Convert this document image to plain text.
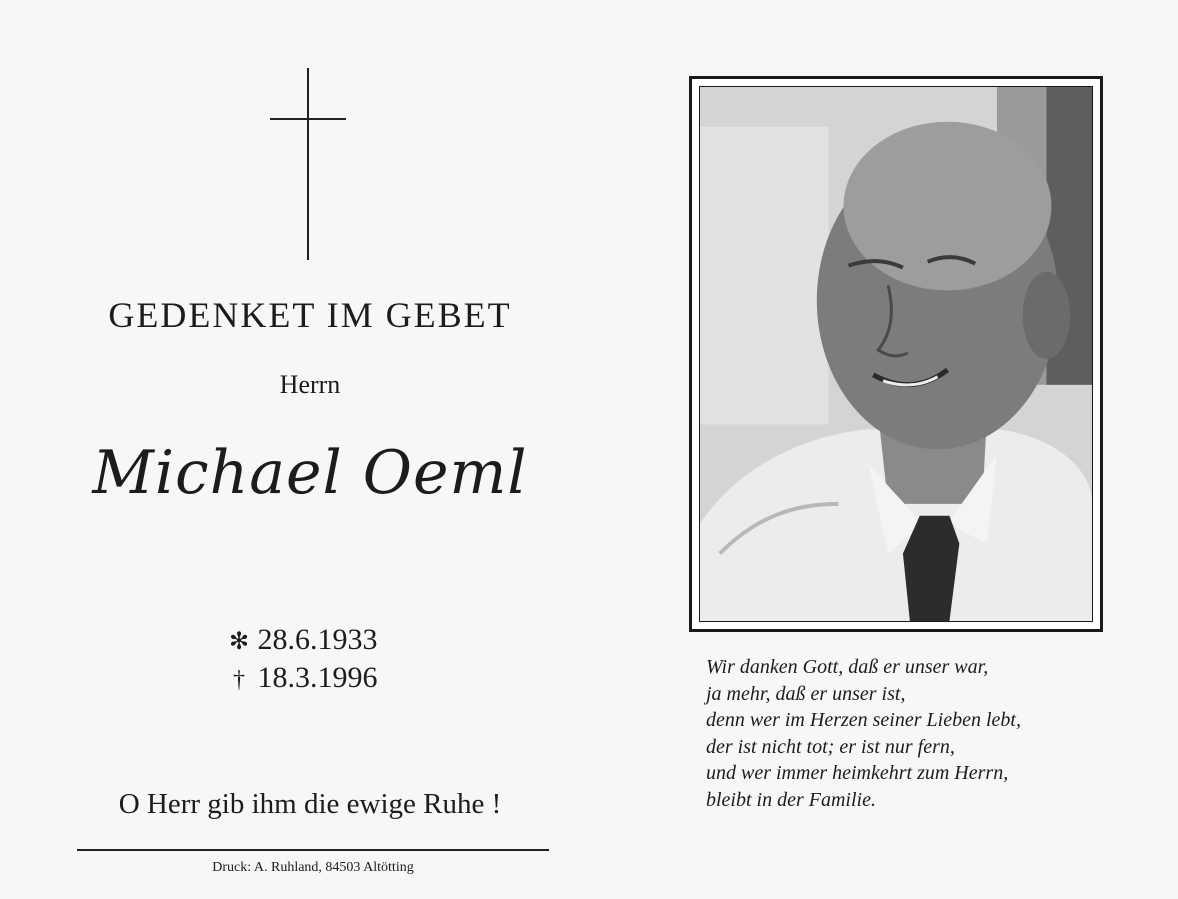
GEDENKET IM GEBET
Herrn
Michael Oeml
✻ 28.6.1933
† 18.3.1996
O Herr gib ihm die ewige Ruhe !
Druck: A. Ruhland, 84503 Altötting
Wir danken Gott, daß er unser war,
ja mehr, daß er unser ist,
denn wer im Herzen seiner Lieben lebt,
der ist nicht tot; er ist nur fern,
und wer immer heimkehrt zum Herrn,
bleibt in der Familie.
